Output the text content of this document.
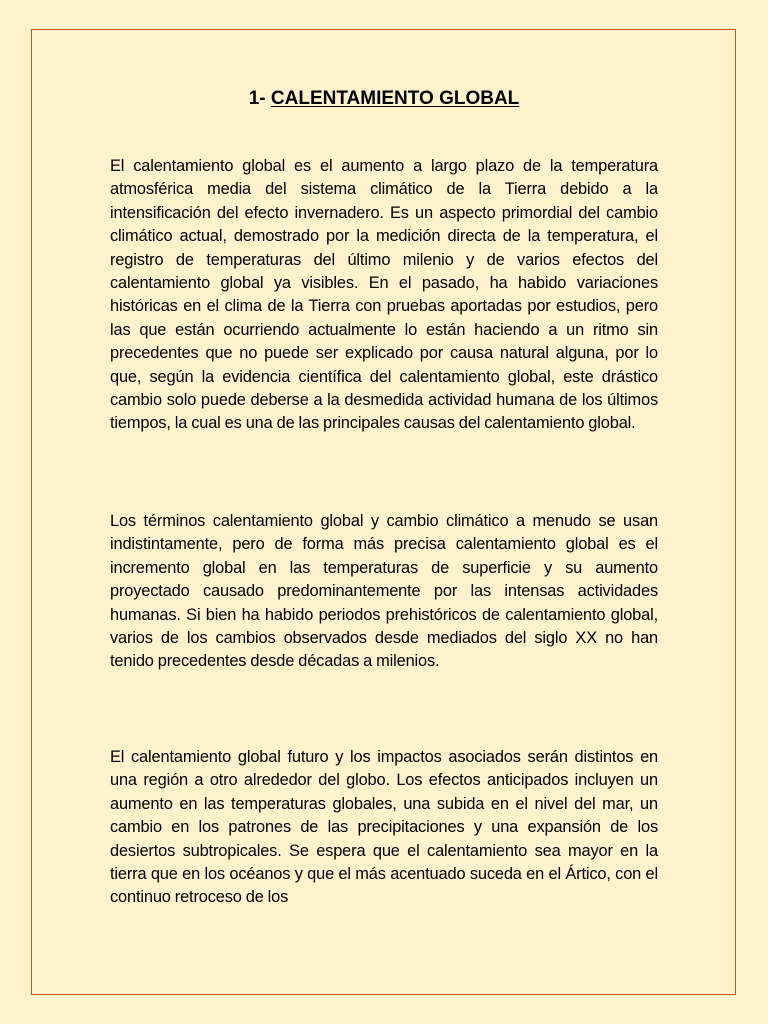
1- CALENTAMIENTO GLOBAL

El calentamiento global es el aumento a largo plazo de la temperatura atmosférica media del sistema climático de la Tierra debido a la intensificación del efecto invernadero. Es un aspecto primordial del cambio climático actual, demostrado por la medición directa de la temperatura, el registro de temperaturas del último milenio y de varios efectos del calentamiento global ya visibles. En el pasado, ha habido variaciones históricas en el clima de la Tierra con pruebas aportadas por estudios, pero las que están ocurriendo actualmente lo están haciendo a un ritmo sin precedentes que no puede ser explicado por causa natural alguna, por lo que, según la evidencia científica del calentamiento global, este drástico cambio solo puede deberse a la desmedida actividad humana de los últimos tiempos, la cual es una de las principales causas del calentamiento global.

Los términos calentamiento global y cambio climático a menudo se usan indistintamente, pero de forma más precisa calentamiento global es el incremento global en las temperaturas de superficie y su aumento proyectado causado predominantemente por las intensas actividades humanas. Si bien ha habido periodos prehistóricos de calentamiento global, varios de los cambios observados desde mediados del siglo XX no han tenido precedentes desde décadas a milenios.

El calentamiento global futuro y los impactos asociados serán distintos en una región a otro alrededor del globo. Los efectos anticipados incluyen un aumento en las temperaturas globales, una subida en el nivel del mar, un cambio en los patrones de las precipitaciones y una expansión de los desiertos subtropicales. Se espera que el calentamiento sea mayor en la tierra que en los océanos y que el más acentuado suceda en el Ártico, con el continuo retroceso de los
